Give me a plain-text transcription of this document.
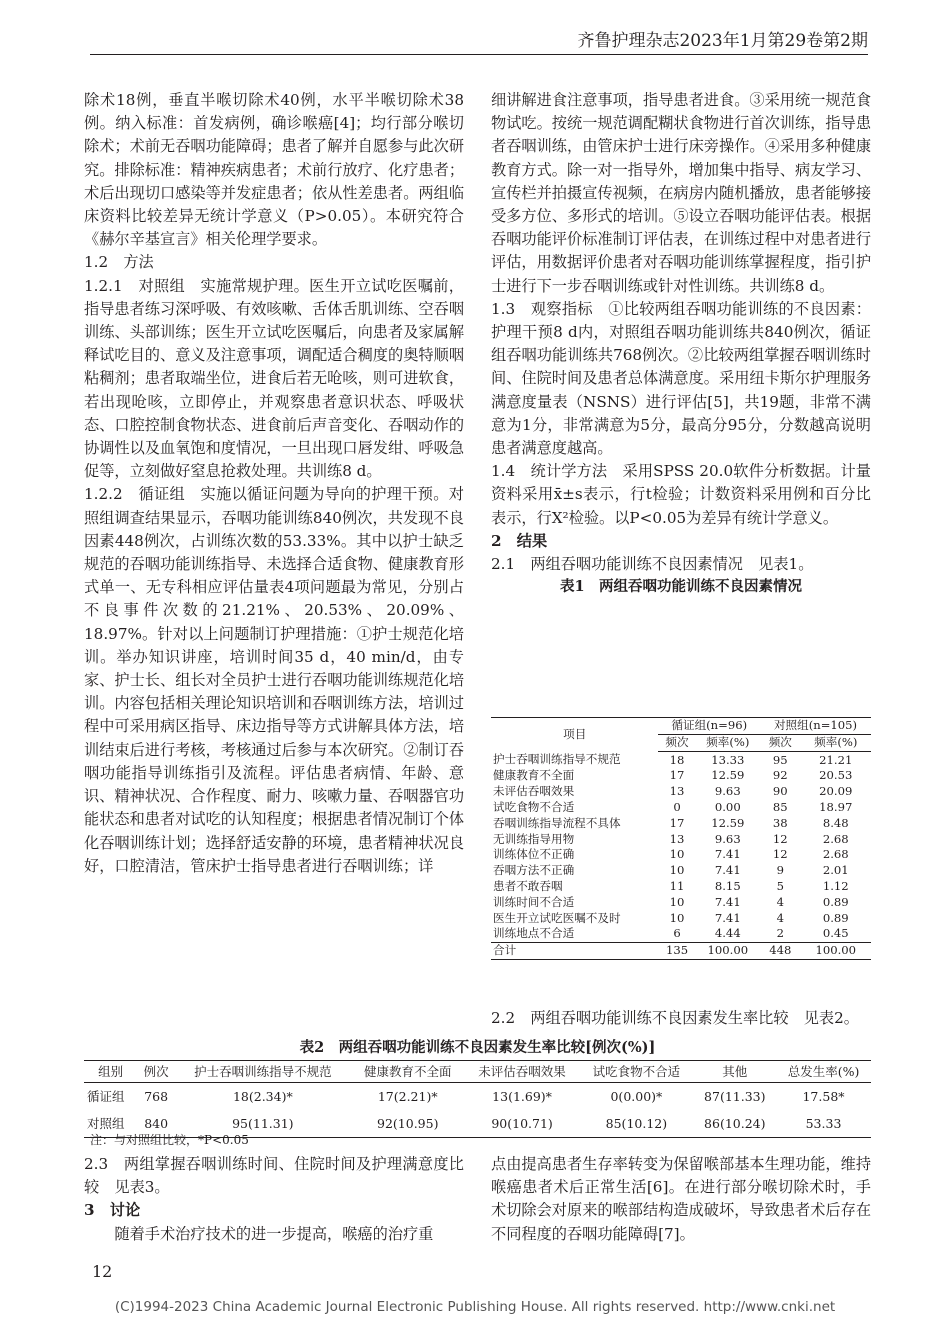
齐鲁护理杂志2023年1月第29卷第2期

除术18例，垂直半喉切除术40例，水平半喉切除术38例。纳入标准：首发病例，确诊喉癌[4]；均行部分喉切除术；术前无吞咽功能障碍；患者了解并自愿参与此次研究。排除标准：精神疾病患者；术前行放疗、化疗患者；术后出现切口感染等并发症患者；依从性差患者。两组临床资料比较差异无统计学意义（P>0.05）。本研究符合《赫尔辛基宣言》相关伦理学要求。

1.2　方法

1.2.1　对照组　实施常规护理。医生开立试吃医嘱前，指导患者练习深呼吸、有效咳嗽、舌体舌肌训练、空吞咽训练、头部训练；医生开立试吃医嘱后，向患者及家属解释试吃目的、意义及注意事项，调配适合稠度的奥特顺咽粘稠剂；患者取端坐位，进食后若无呛咳，则可进软食，若出现呛咳，立即停止，并观察患者意识状态、呼吸状态、口腔控制食物状态、进食前后声音变化、吞咽动作的协调性以及血氧饱和度情况，一旦出现口唇发绀、呼吸急促等，立刻做好窒息抢救处理。共训练8 d。

1.2.2　循证组　实施以循证问题为导向的护理干预。对照组调查结果显示，吞咽功能训练840例次，共发现不良因素448例次，占训练次数的53.33%。其中以护士缺乏规范的吞咽功能训练指导、未选择合适食物、健康教育形式单一、无专科相应评估量表4项问题最为常见，分别占不良事件次数的21.21%、20.53%、20.09%、18.97%。针对以上问题制订护理措施：①护士规范化培训。举办知识讲座，培训时间35 d，40 min/d，由专家、护士长、组长对全员护士进行吞咽功能训练规范化培训。内容包括相关理论知识培训和吞咽训练方法，培训过程中可采用病区指导、床边指导等方式讲解具体方法，培训结束后进行考核，考核通过后参与本次研究。②制订吞咽功能指导训练指引及流程。评估患者病情、年龄、意识、精神状况、合作程度、耐力、咳嗽力量、吞咽器官功能状态和患者对试吃的认知程度；根据患者情况制订个体化吞咽训练计划；选择舒适安静的环境，患者精神状况良好，口腔清洁，管床护士指导患者进行吞咽训练；详

细讲解进食注意事项，指导患者进食。③采用统一规范食物试吃。按统一规范调配糊状食物进行首次训练，指导患者吞咽训练，由管床护士进行床旁操作。④采用多种健康教育方式。除一对一指导外，增加集中指导、病友学习、宣传栏并拍摄宣传视频，在病房内随机播放，患者能够接受多方位、多形式的培训。⑤设立吞咽功能评估表。根据吞咽功能评价标准制订评估表，在训练过程中对患者进行评估，用数据评价患者对吞咽功能训练掌握程度，指引护士进行下一步吞咽训练或针对性训练。共训练8 d。

1.3　观察指标　①比较两组吞咽功能训练的不良因素：护理干预8 d内，对照组吞咽功能训练共840例次，循证组吞咽功能训练共768例次。②比较两组掌握吞咽训练时间、住院时间及患者总体满意度。采用纽卡斯尔护理服务满意度量表（NSNS）进行评估[5]，共19题，非常不满意为1分，非常满意为5分，最高分95分，分数越高说明患者满意度越高。

1.4　统计学方法　采用SPSS 20.0软件分析数据。计量资料采用x̄±s表示，行t检验；计数资料采用例和百分比表示，行X²检验。以P<0.05为差异有统计学意义。

2　结果

2.1　两组吞咽功能训练不良因素情况　见表1。

表1　两组吞咽功能训练不良因素情况

项目	循证组(n=96)		对照组(n=105)	
	频次	频率(%)	频次	频率(%)
护士吞咽训练指导不规范	18	13.33	95	21.21
健康教育不全面	17	12.59	92	20.53
未评估吞咽效果	13	9.63	90	20.09
试吃食物不合适	0	0.00	85	18.97
吞咽训练指导流程不具体	17	12.59	38	8.48
无训练指导用物	13	9.63	12	2.68
训练体位不正确	10	7.41	12	2.68
吞咽方法不正确	10	7.41	9	2.01
患者不敢吞咽	11	8.15	5	1.12
训练时间不合适	10	7.41	4	0.89
医生开立试吃医嘱不及时	10	7.41	4	0.89
训练地点不合适	6	4.44	2	0.45
合计	135	100.00	448	100.00

2.2　两组吞咽功能训练不良因素发生率比较　见表2。

表2　两组吞咽功能训练不良因素发生率比较[例次(%)]

组别	例次	护士吞咽训练指导不规范	健康教育不全面	未评估吞咽效果	试吃食物不合适	其他	总发生率(%)
循证组	768	18(2.34)*	17(2.21)*	13(1.69)*	0(0.00)*	87(11.33)	17.58*
对照组	840	95(11.31)	92(10.95)	90(10.71)	85(10.12)	86(10.24)	53.33
注：与对照组比较，*P<0.05

2.3　两组掌握吞咽训练时间、住院时间及护理满意度比较　见表3。

3　讨论

随着手术治疗技术的进一步提高，喉癌的治疗重

点由提高患者生存率转变为保留喉部基本生理功能，维持喉癌患者术后正常生活[6]。在进行部分喉切除术时，手术切除会对原来的喉部结构造成破坏，导致患者术后存在不同程度的吞咽功能障碍[7]。

12
(C)1994-2023 China Academic Journal Electronic Publishing House. All rights reserved. http://www.cnki.net
